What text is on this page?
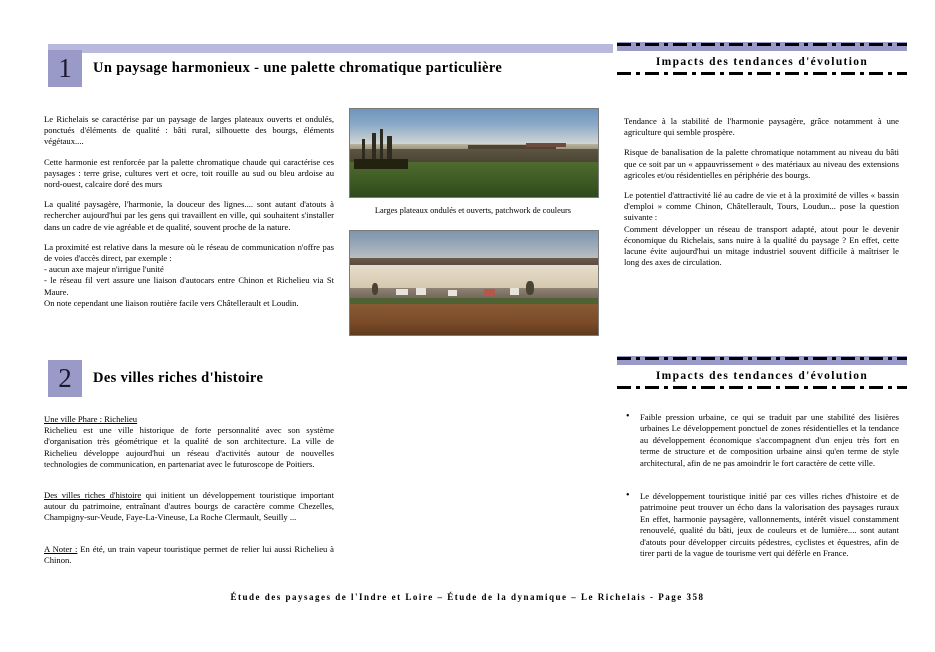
1	Un paysage harmonieux - une palette chromatique particulière	Impacts des tendances d'évolution

Le Richelais se caractérise par un paysage de larges plateaux ouverts et ondulés, ponctués d'éléments de qualité : bâti rural, silhouette des bourgs, éléments végétaux....

Cette harmonie est renforcée par la palette chromatique chaude qui caractérise ces paysages : terre grise, cultures vert et ocre, toit rouille au sud ou bleu ardoise au nord-ouest, calcaire doré des murs

La qualité paysagère, l'harmonie, la douceur des lignes.... sont autant d'atouts à rechercher aujourd'hui par les gens qui travaillent en ville, qui souhaitent s'installer dans un cadre de vie agréable et de qualité, souvent proche de la nature.

La proximité est relative dans la mesure où le réseau de communication n'offre pas de voies d'accès direct, par exemple :

- aucun axe majeur n'irrigue l'unité

- le réseau fil vert assure une liaison d'autocars entre Chinon et Richelieu via St Maure.

On note cependant une liaison routière facile vers Châtellerault et Loudin.

Larges plateaux ondulés et ouverts, patchwork de couleurs

Tendance à la stabilité de l'harmonie paysagère, grâce notamment à une agriculture qui semble prospère.

Risque de banalisation de la palette chromatique notamment au niveau du bâti que ce soit par un « appauvrissement » des matériaux au niveau des extensions agricoles et/ou résidentielles en périphérie des bourgs.

Le potentiel d'attractivité lié au cadre de vie et à la proximité de villes « bassin d'emploi » comme Chinon, Châtellerault, Tours, Loudun... pose la question suivante :

Comment développer un réseau de transport adapté, atout pour le devenir économique du Richelais, sans nuire à la qualité du paysage ? En effet, cette lacune évite aujourd'hui un mitage industriel souvent difficile à maîtriser le long des axes de circulation.

2	Des villes riches d'histoire	Impacts des tendances d'évolution

Une ville Phare : Richelieu

Richelieu est une ville historique de forte personnalité avec son système d'organisation très géométrique et la qualité de son architecture. La ville de Richelieu développe aujourd'hui un réseau d'activités autour de nouvelles technologies de communication, en partenariat avec le futuroscope de Poitiers.

Des villes riches d'histoire qui initient un développement touristique important autour du patrimoine, entraînant d'autres bourgs de caractère comme Chezelles, Champigny-sur-Veude, Faye-La-Vineuse, La Roche Clermault, Seuilly ...

A Noter : En été, un train vapeur touristique permet de relier lui aussi Richelieu à Chinon.

• Faible pression urbaine, ce qui se traduit par une stabilité des lisières urbaines Le développement ponctuel de zones résidentielles et la tendance au développement économique s'accompagnent d'un enjeu très fort en terme de structure et de composition urbaine ainsi qu'en terme de style architectural, afin de ne pas amoindrir le fort caractère de cette ville.
• Le développement touristique initié par ces villes riches d'histoire et de patrimoine peut trouver un écho dans la valorisation des paysages ruraux En effet, harmonie paysagère, vallonnements, intérêt visuel constamment renouvelé, qualité du bâti, jeux de couleurs et de lumière.... sont autant d'atouts pour développer circuits pédestres, cyclistes et équestres, afin de tirer parti de la vague de tourisme vert qui défèrle en France.
Étude des paysages de l'Indre et Loire – Étude de la dynamique – Le Richelais - Page 358
